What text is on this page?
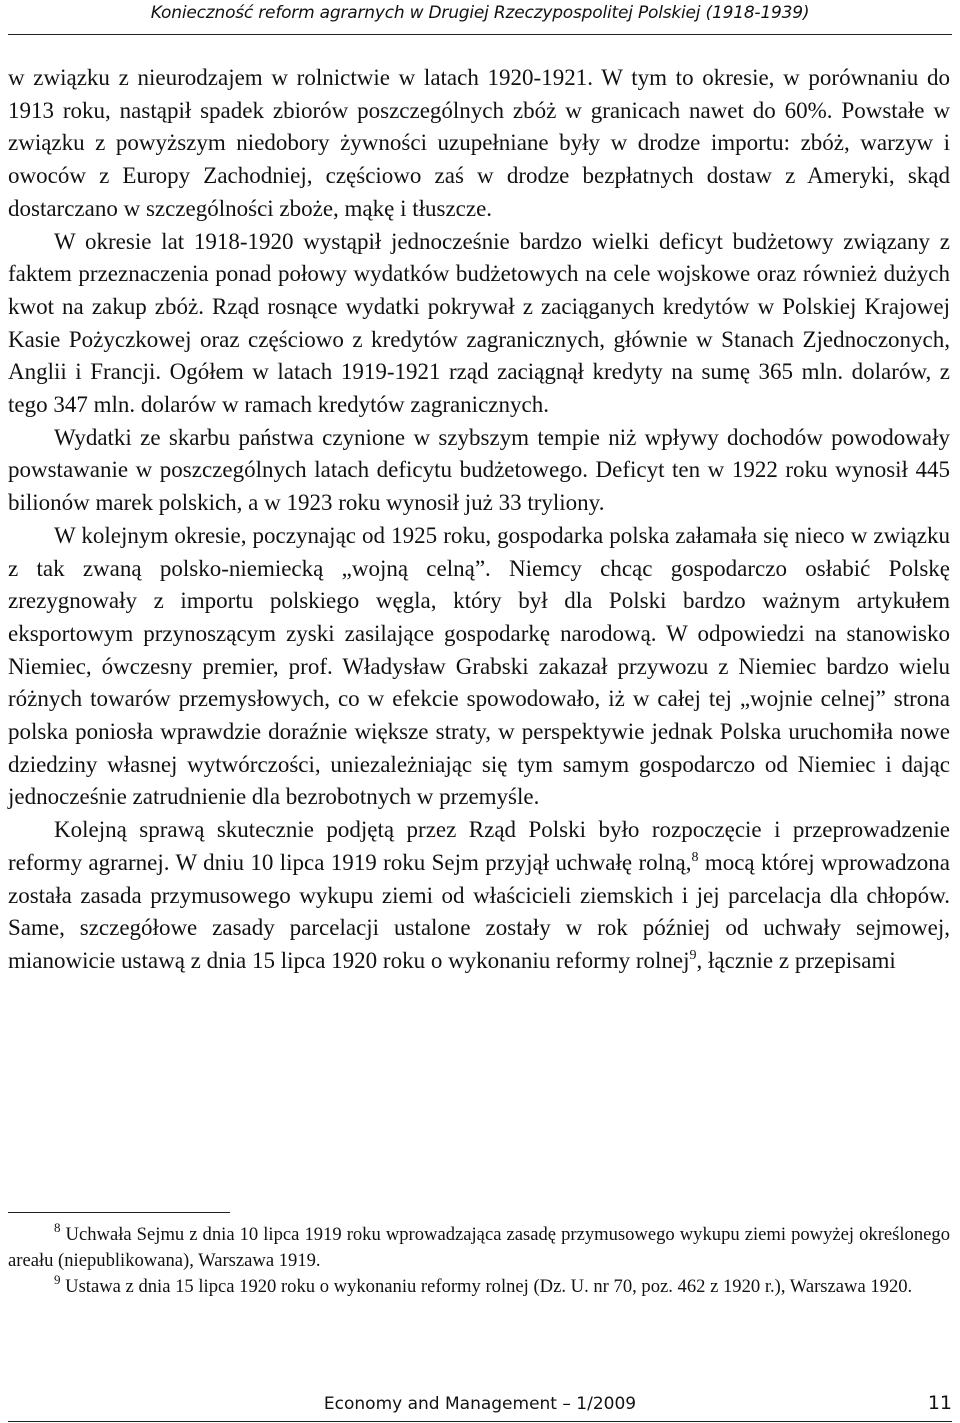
Konieczność reform agrarnych w Drugiej Rzeczypospolitej Polskiej (1918-1939)

w związku z nieurodzajem w rolnictwie w latach 1920-1921. W tym to okresie, w porównaniu do 1913 roku, nastąpił spadek zbiorów poszczególnych zbóż w granicach nawet do 60%. Powstałe w związku z powyższym niedobory żywności uzupełniane były w drodze importu: zbóż, warzyw i owoców z Europy Zachodniej, częściowo zaś w drodze bezpłatnych dostaw z Ameryki, skąd dostarczano w szczególności zboże, mąkę i tłuszcze.

W okresie lat 1918-1920 wystąpił jednocześnie bardzo wielki deficyt budżetowy związany z faktem przeznaczenia ponad połowy wydatków budżetowych na cele wojskowe oraz również dużych kwot na zakup zbóż. Rząd rosnące wydatki pokrywał z zaciąganych kredytów w Polskiej Krajowej Kasie Pożyczkowej oraz częściowo z kredytów zagranicznych, głównie w Stanach Zjednoczonych, Anglii i Francji. Ogółem w latach 1919-1921 rząd zaciągnął kredyty na sumę 365 mln. dolarów, z tego 347 mln. dolarów w ramach kredytów zagranicznych.

Wydatki ze skarbu państwa czynione w szybszym tempie niż wpływy dochodów powodowały powstawanie w poszczególnych latach deficytu budżetowego. Deficyt ten w 1922 roku wynosił 445 bilionów marek polskich, a w 1923 roku wynosił już 33 tryliony.

W kolejnym okresie, poczynając od 1925 roku, gospodarka polska załamała się nieco w związku z tak zwaną polsko-niemiecką „wojną celną”. Niemcy chcąc gospodarczo osłabić Polskę zrezygnowały z importu polskiego węgla, który był dla Polski bardzo ważnym artykułem eksportowym przynoszącym zyski zasilające gospodarkę narodową. W odpowiedzi na stanowisko Niemiec, ówczesny premier, prof. Władysław Grabski zakazał przywozu z Niemiec bardzo wielu różnych towarów przemysłowych, co w efekcie spowodowało, iż w całej tej „wojnie celnej” strona polska poniosła wprawdzie doraźnie większe straty, w perspektywie jednak Polska uruchomiła nowe dziedziny własnej wytwórczości, uniezależniając się tym samym gospodarczo od Niemiec i dając jednocześnie zatrudnienie dla bezrobotnych w przemyśle.

Kolejną sprawą skutecznie podjętą przez Rząd Polski było rozpoczęcie i przeprowadzenie reformy agrarnej. W dniu 10 lipca 1919 roku Sejm przyjął uchwałę rolną,$^8$ mocą której wprowadzona została zasada przymusowego wykupu ziemi od właścicieli ziemskich i jej parcelacja dla chłopów. Same, szczegółowe zasady parcelacji ustalone zostały w rok później od uchwały sejmowej, mianowicie ustawą z dnia 15 lipca 1920 roku o wykonaniu reformy rolnej$^9$, łącznie z przepisami

$^8$ Uchwała Sejmu z dnia 10 lipca 1919 roku wprowadzająca zasadę przymusowego wykupu ziemi powyżej określonego areału (niepublikowana), Warszawa 1919.

$^9$ Ustawa z dnia 15 lipca 1920 roku o wykonaniu reformy rolnej (Dz. U. nr 70, poz. 462 z 1920 r.), Warszawa 1920.

Economy and Management – 1/2009	11
